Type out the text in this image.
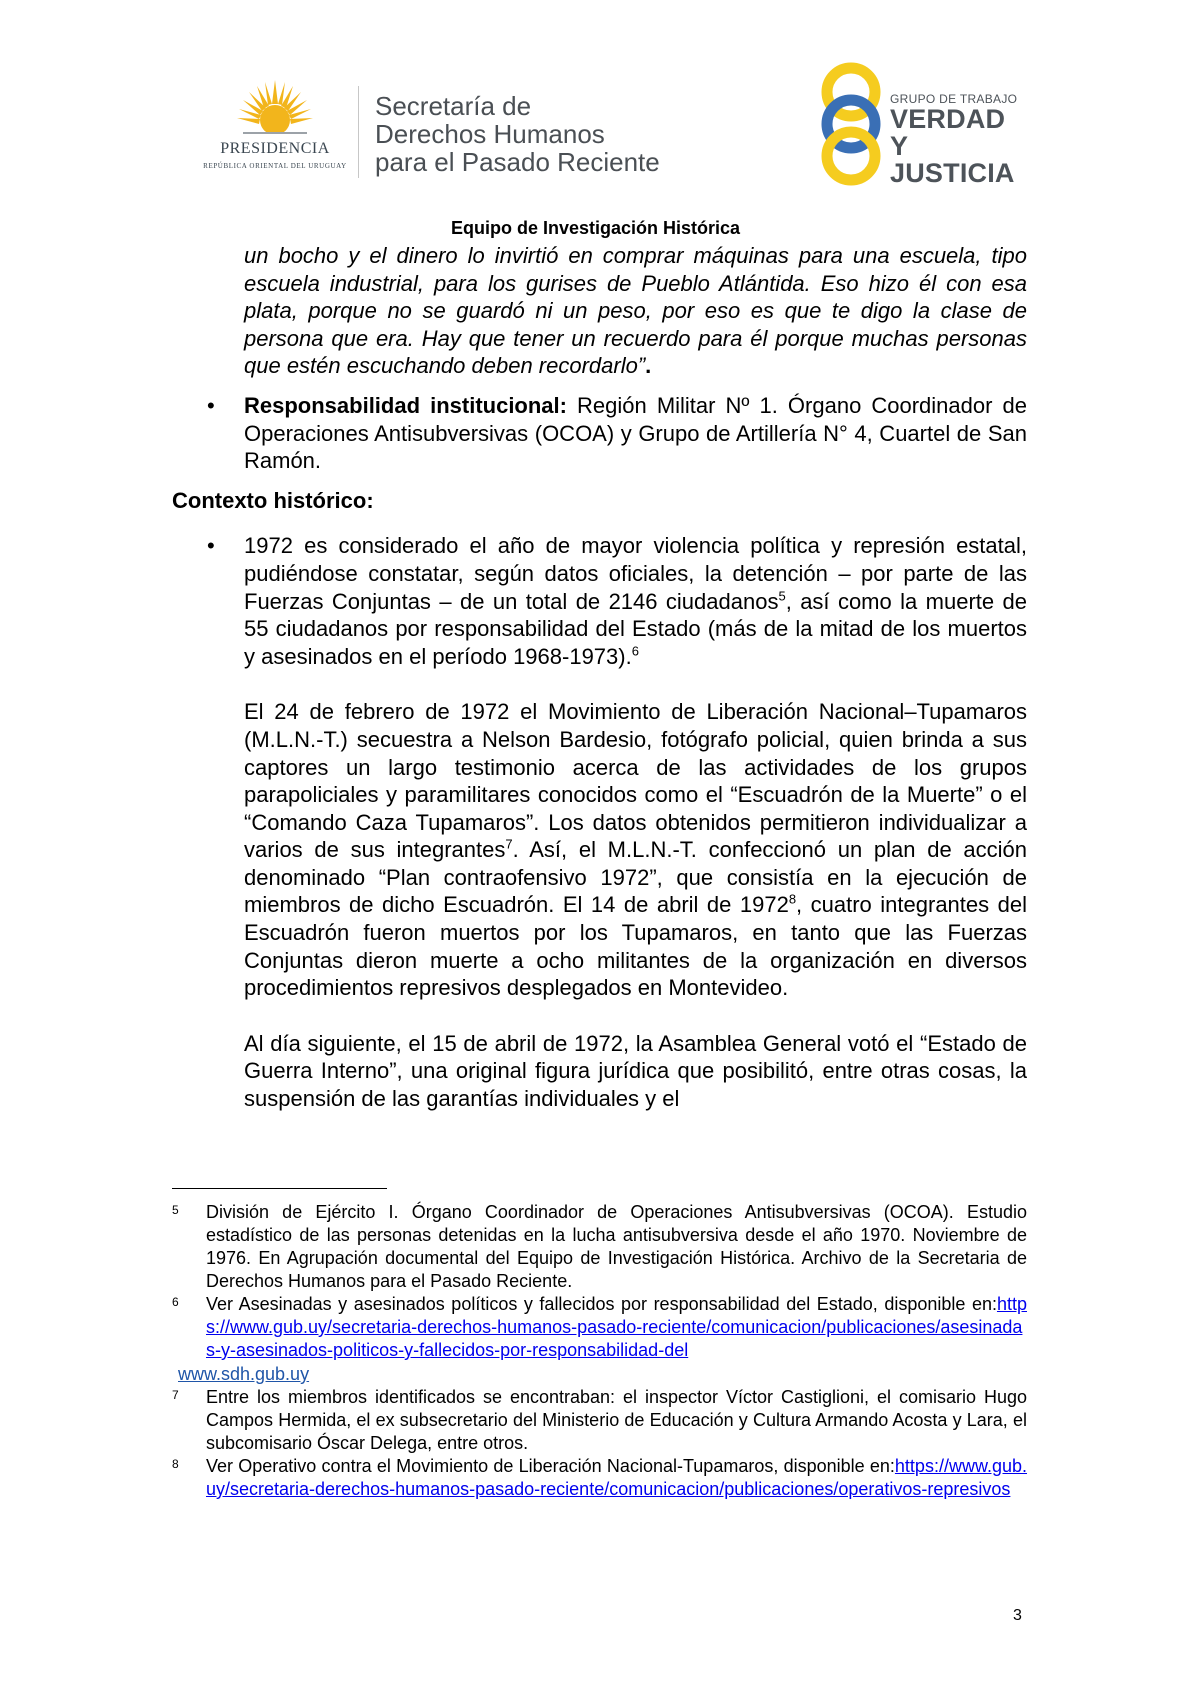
PRESIDENCIA
REPÚBLICA ORIENTAL DEL URUGUAY
Secretaría de
Derechos Humanos
para el Pasado Reciente
GRUPO DE TRABAJO
VERDAD Y
JUSTICIA
Equipo de Investigación Histórica

un bocho y el dinero lo invirtió en comprar máquinas para una escuela, tipo escuela industrial, para los gurises de Pueblo Atlántida. Eso hizo él con esa plata, porque no se guardó ni un peso, por eso es que te digo la clase de persona que era. Hay que tener un recuerdo para él porque muchas personas que estén escuchando deben recordarlo”.

• Responsabilidad institucional: Región Militar Nº 1. Órgano Coordinador de Operaciones Antisubversivas (OCOA) y Grupo de Artillería N° 4, Cuartel de San Ramón.

Contexto histórico:
• 1972 es considerado el año de mayor violencia política y represión estatal, pudiéndose constatar, según datos oficiales, la detención – por parte de las Fuerzas Conjuntas – de un total de 2146 ciudadanos$^5$, así como la muerte de 55 ciudadanos por responsabilidad del Estado (más de la mitad de los muertos y asesinados en el período 1968-1973).$^6$

El 24 de febrero de 1972 el Movimiento de Liberación Nacional–Tupamaros (M.L.N.-T.) secuestra a Nelson Bardesio, fotógrafo policial, quien brinda a sus captores un largo testimonio acerca de las actividades de los grupos parapoliciales y paramilitares conocidos como el “Escuadrón de la Muerte” o el “Comando Caza Tupamaros”. Los datos obtenidos permitieron individualizar a varios de sus integrantes$^7$. Así, el M.L.N.-T. confeccionó un plan de acción denominado “Plan contraofensivo 1972”, que consistía en la ejecución de miembros de dicho Escuadrón. El 14 de abril de 1972$^8$, cuatro integrantes del Escuadrón fueron muertos por los Tupamaros, en tanto que las Fuerzas Conjuntas dieron muerte a ocho militantes de la organización en diversos procedimientos represivos desplegados en Montevideo.

Al día siguiente, el 15 de abril de 1972, la Asamblea General votó el “Estado de Guerra Interno”, una original figura jurídica que posibilitó, entre otras cosas, la suspensión de las garantías individuales y el

5 División de Ejército I. Órgano Coordinador de Operaciones Antisubversivas (OCOA). Estudio estadístico de las personas detenidas en la lucha antisubversiva desde el año 1970. Noviembre de 1976. En Agrupación documental del Equipo de Investigación Histórica. Archivo de la Secretaria de Derechos Humanos para el Pasado Reciente.
6 Ver Asesinadas y asesinados políticos y fallecidos por responsabilidad del Estado, disponible en:https://www.gub.uy/secretaria-derechos-humanos-pasado-reciente/comunicacion/publicaciones/asesinadas-y-asesinados-politicos-y-fallecidos-por-responsabilidad-del
www.sdh.gub.uy
7 Entre los miembros identificados se encontraban: el inspector Víctor Castiglioni, el comisario Hugo Campos Hermida, el ex subsecretario del Ministerio de Educación y Cultura Armando Acosta y Lara, el subcomisario Óscar Delega, entre otros.
8 Ver Operativo contra el Movimiento de Liberación Nacional-Tupamaros, disponible en:https://www.gub.uy/secretaria-derechos-humanos-pasado-reciente/comunicacion/publicaciones/operativos-represivos
3
